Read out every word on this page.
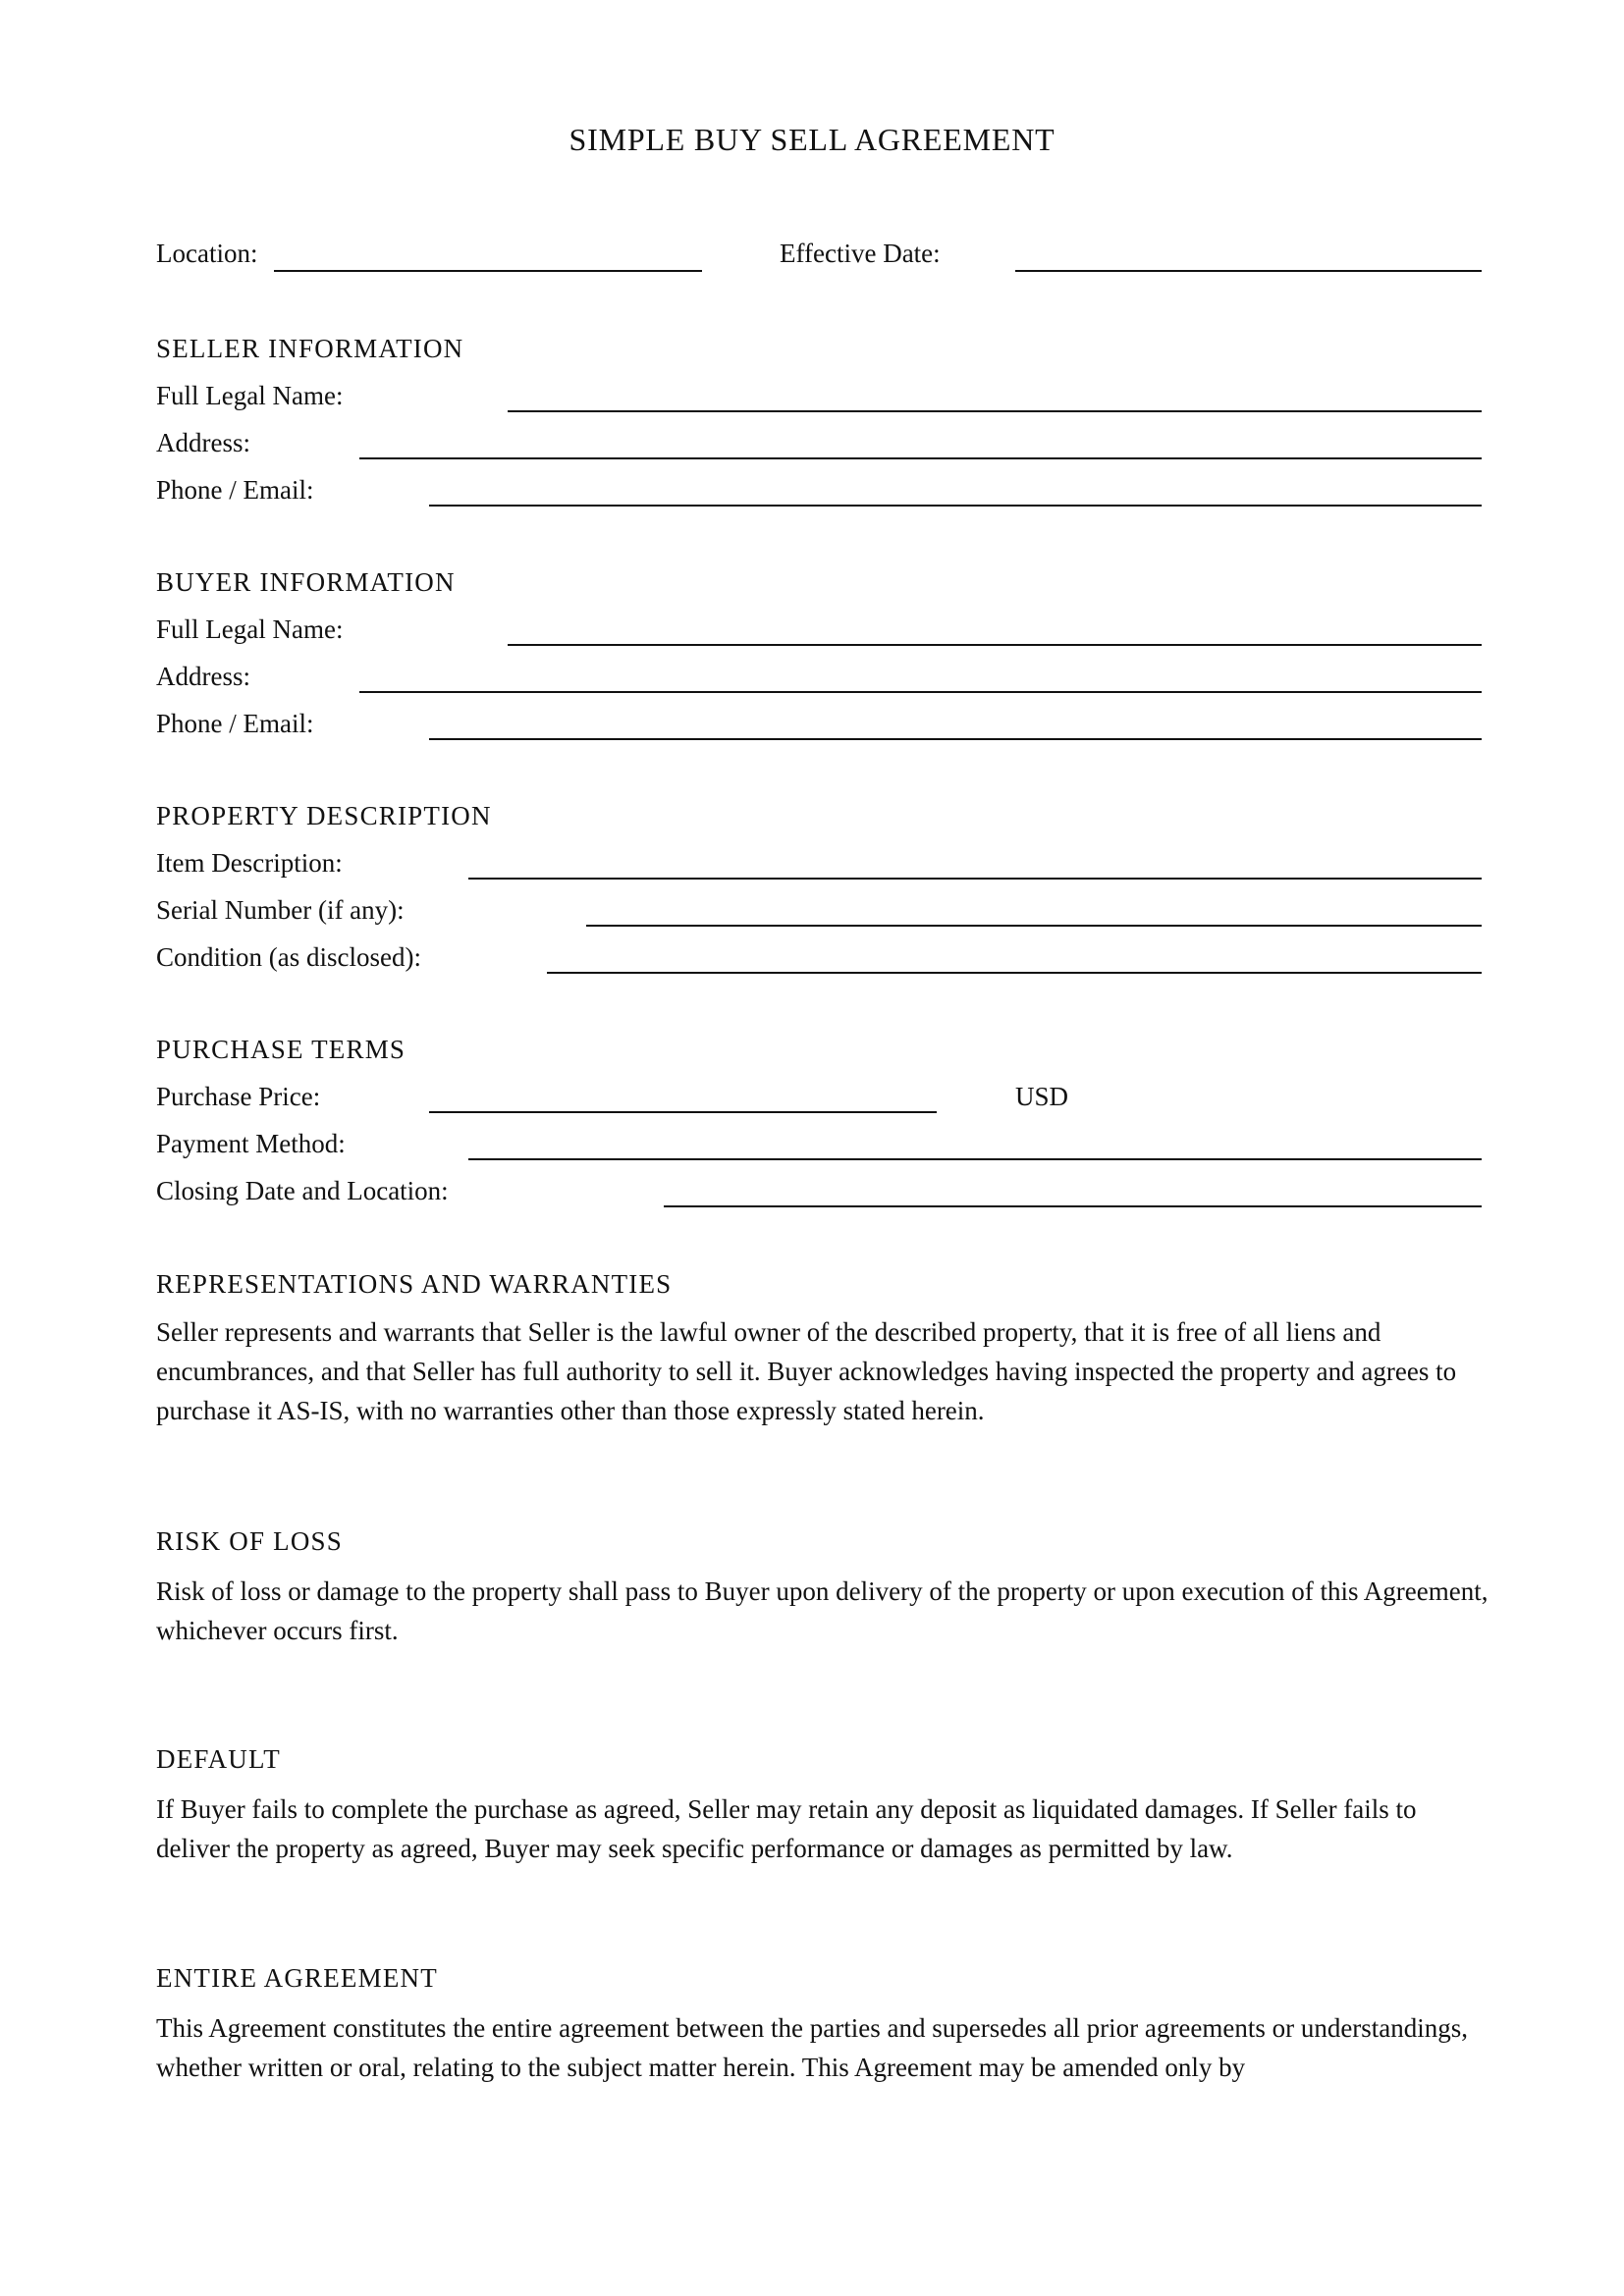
SIMPLE BUY SELL AGREEMENT
Location:	Effective Date:
SELLER INFORMATION
Full Legal Name:
Address:
Phone / Email:
BUYER INFORMATION
Full Legal Name:
Address:
Phone / Email:
PROPERTY DESCRIPTION
Item Description:
Serial Number (if any):
Condition (as disclosed):
PURCHASE TERMS
Purchase Price:	USD
Payment Method:
Closing Date and Location:
REPRESENTATIONS AND WARRANTIES
Seller represents and warrants that Seller is the lawful owner of the described property, that it is free of all liens and encumbrances, and that Seller has full authority to sell it. Buyer acknowledges having inspected the property and agrees to purchase it AS-IS, with no warranties other than those expressly stated herein.
RISK OF LOSS
Risk of loss or damage to the property shall pass to Buyer upon delivery of the property or upon execution of this Agreement, whichever occurs first.
DEFAULT
If Buyer fails to complete the purchase as agreed, Seller may retain any deposit as liquidated damages. If Seller fails to deliver the property as agreed, Buyer may seek specific performance or damages as permitted by law.
ENTIRE AGREEMENT
This Agreement constitutes the entire agreement between the parties and supersedes all prior agreements or understandings, whether written or oral, relating to the subject matter herein. This Agreement may be amended only by
